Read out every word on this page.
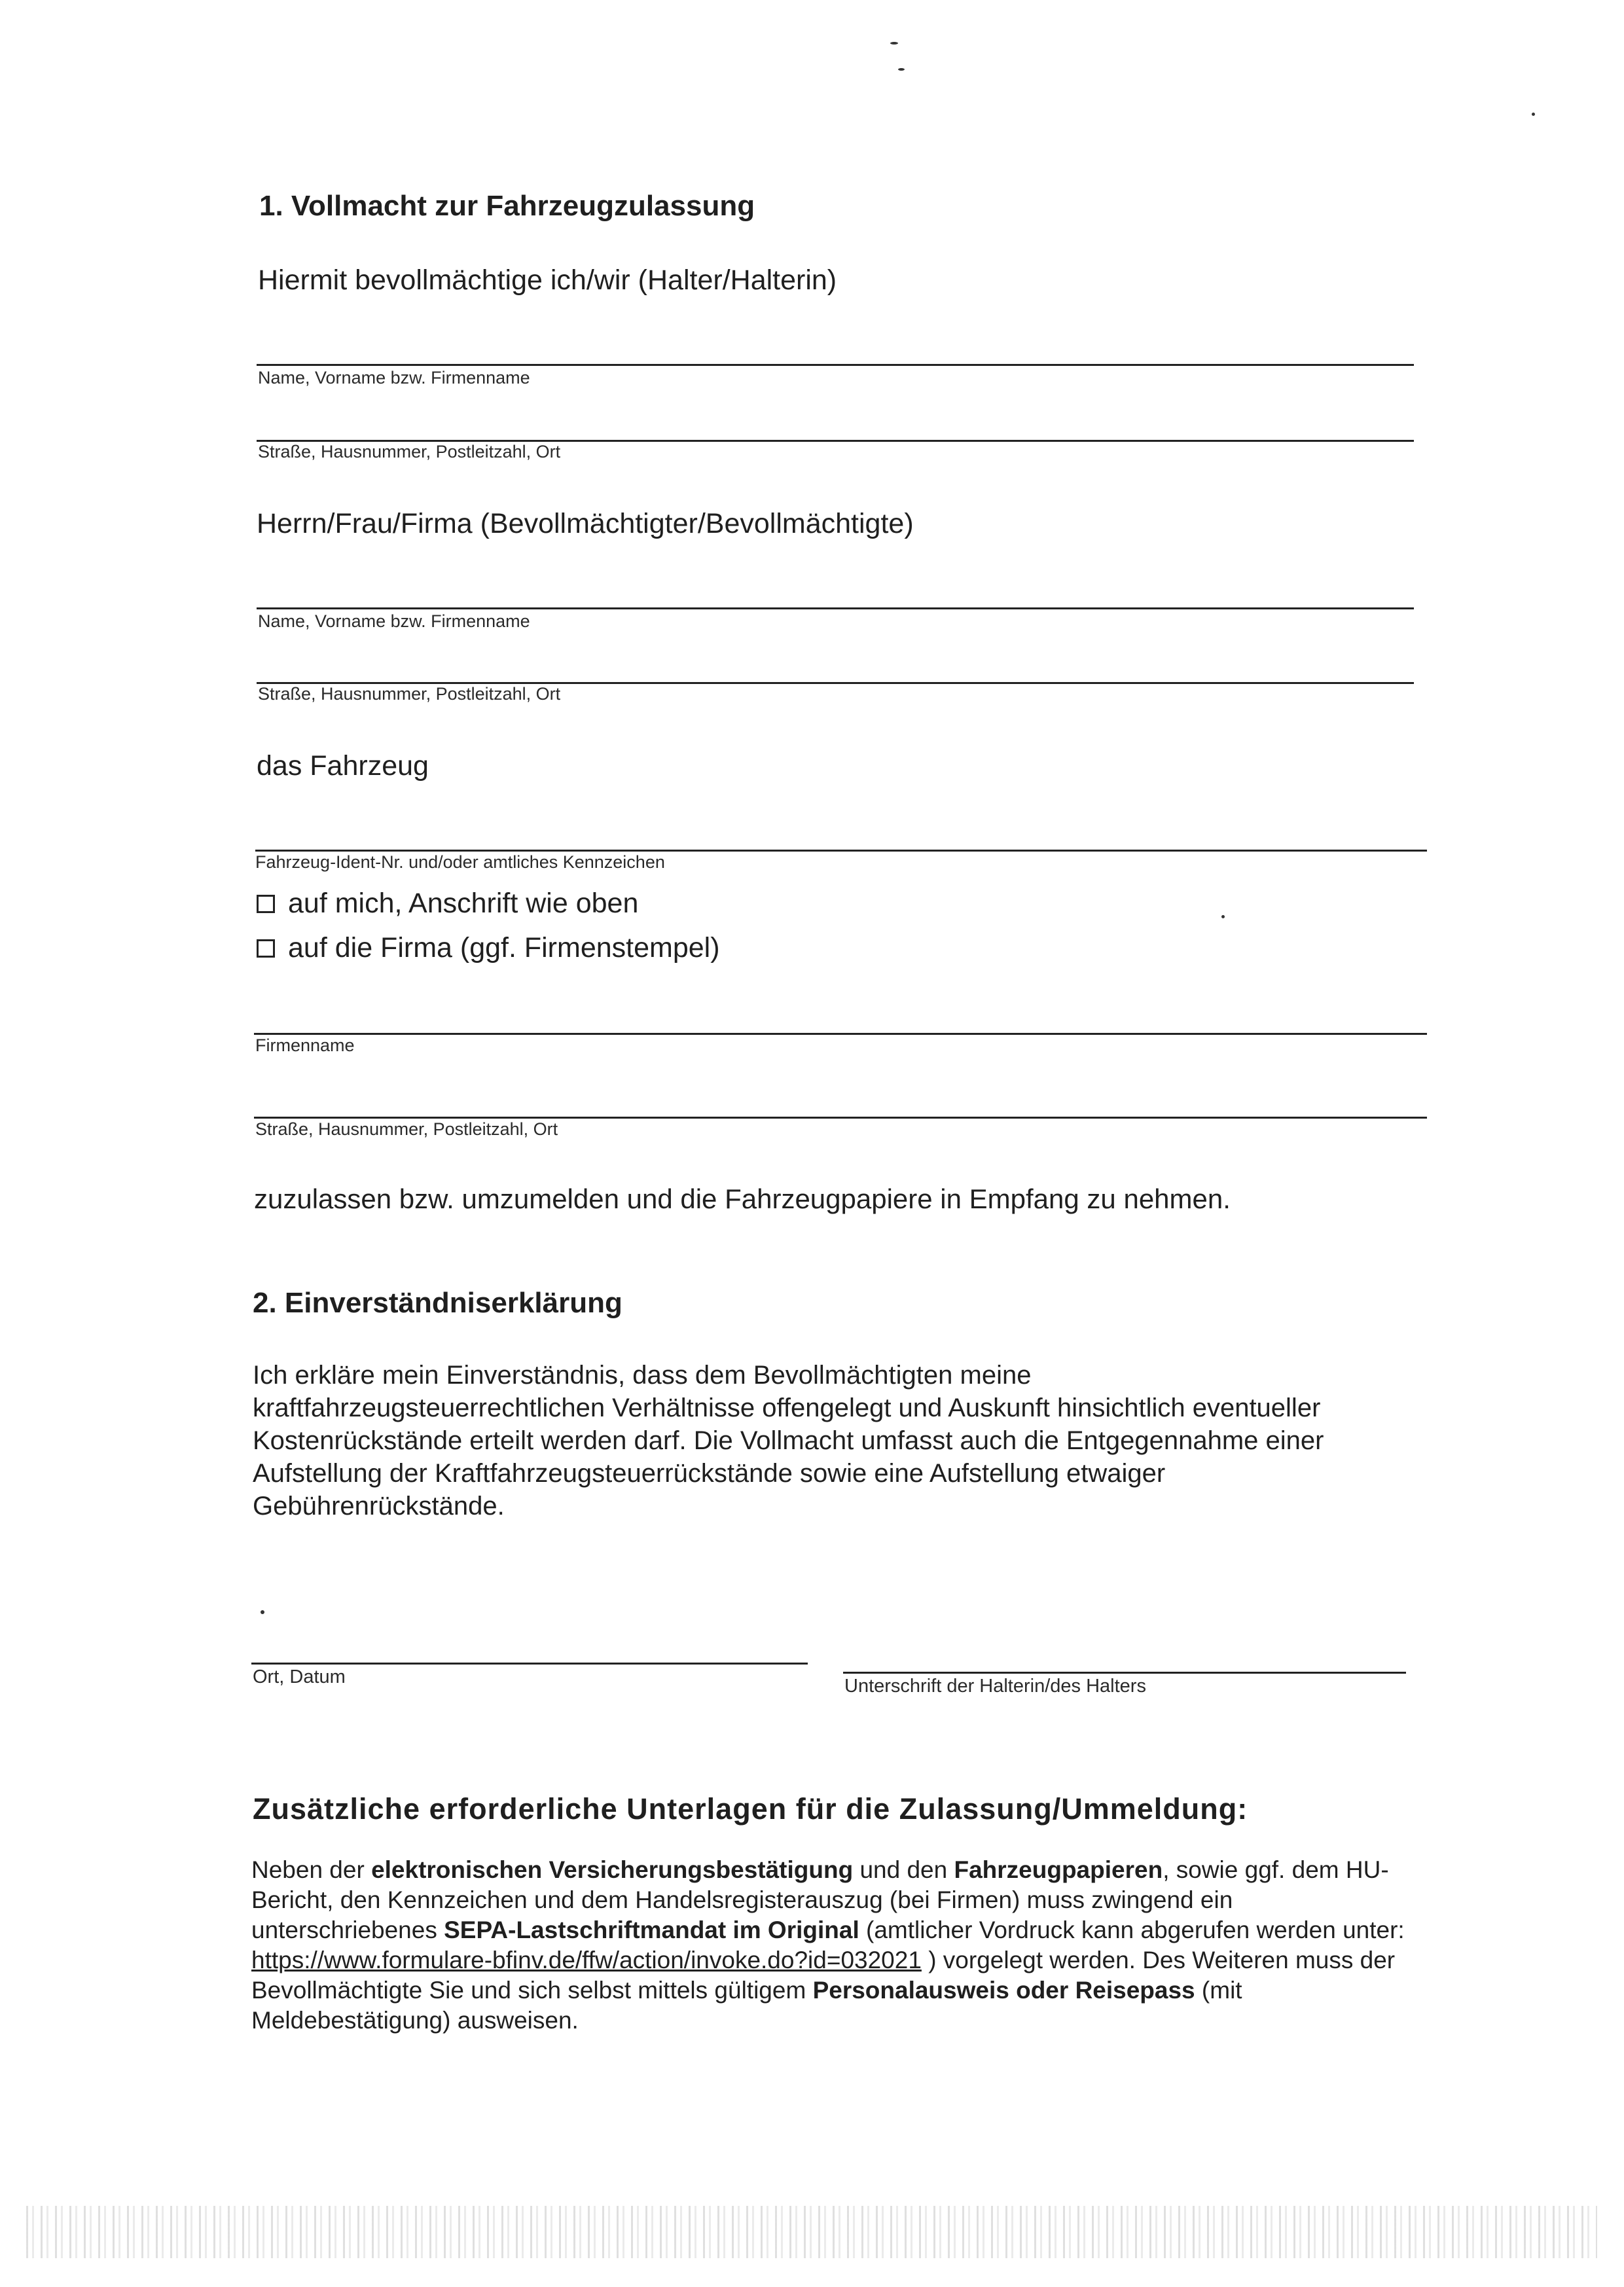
1. Vollmacht zur Fahrzeugzulassung
Hiermit bevollmächtige ich/wir (Halter/Halterin)
Name, Vorname bzw. Firmenname
Straße, Hausnummer, Postleitzahl, Ort
Herrn/Frau/Firma (Bevollmächtigter/Bevollmächtigte)
Name, Vorname bzw. Firmenname
Straße, Hausnummer, Postleitzahl, Ort
das Fahrzeug
Fahrzeug-Ident-Nr. und/oder amtliches Kennzeichen
auf mich, Anschrift wie oben
auf die Firma (ggf. Firmenstempel)
Firmenname
Straße, Hausnummer, Postleitzahl, Ort
zuzulassen bzw. umzumelden und die Fahrzeugpapiere in Empfang zu nehmen.
2. Einverständniserklärung

Ich erkläre mein Einverständnis, dass dem Bevollmächtigten meine

kraftfahrzeugsteuerrechtlichen Verhältnisse offengelegt und Auskunft hinsichtlich eventueller

Kostenrückstände erteilt werden darf. Die Vollmacht umfasst auch die Entgegennahme einer

Aufstellung der Kraftfahrzeugsteuerrückstände sowie eine Aufstellung etwaiger

Gebührenrückstände.

Ort, Datum	Unterschrift der Halterin/des Halters
Zusätzliche erforderliche Unterlagen für die Zulassung/Ummeldung:
Neben der elektronischen Versicherungsbestätigung und den Fahrzeugpapieren, sowie ggf. dem HU-Bericht, den Kennzeichen und dem Handelsregisterauszug (bei Firmen) muss zwingend ein unterschriebenes SEPA-Lastschriftmandat im Original (amtlicher Vordruck kann abgerufen werden unter: https://www.formulare-bfinv.de/ffw/action/invoke.do?id=032021 ) vorgelegt werden. Des Weiteren muss der Bevollmächtigte Sie und sich selbst mittels gültigem Personalausweis oder Reisepass (mit Meldebestätigung) ausweisen.
